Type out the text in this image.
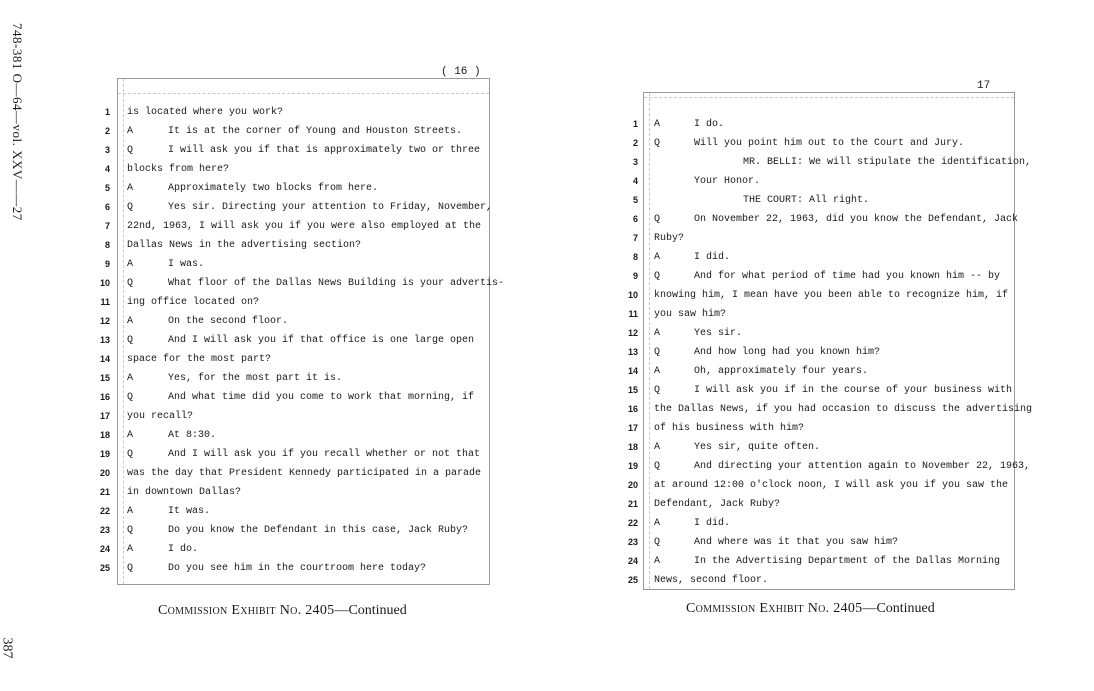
748-381 O—64—vol. XXV——27
387
( 16 )
1 is located where you work?
2 A	It is at the corner of Young and Houston Streets.
3 Q	I will ask you if that is approximately two or three
4 blocks from here?
5 A	Approximately two blocks from here.
6 Q	Yes sir. Directing your attention to Friday, November,
7 22nd, 1963, I will ask you if you were also employed at the
8 Dallas News in the advertising section?
9 A	I was.
10 Q	What floor of the Dallas News Building is your advertis-
11 ing office located on?
12 A	On the second floor.
13 Q	And I will ask you if that office is one large open
14 space for the most part?
15 A	Yes, for the most part it is.
16 Q	And what time did you come to work that morning, if
17 you recall?
18 A	At 8:30.
19 Q	And I will ask you if you recall whether or not that
20 was the day that President Kennedy participated in a parade
21 in downtown Dallas?
22 A	It was.
23 Q	Do you know the Defendant in this case, Jack Ruby?
24 A	I do.
25 Q	Do you see him in the courtroom here today?
Commission Exhibit No. 2405—Continued
17
1 A	I do.
2 Q	Will you point him out to the Court and Jury.
3	MR. BELLI: We will stipulate the identification,
4	Your Honor.
5	THE COURT: All right.
6 Q	On November 22, 1963, did you know the Defendant, Jack
7 Ruby?
8 A	I did.
9 Q	And for what period of time had you known him -- by
10 knowing him, I mean have you been able to recognize him, if
11 you saw him?
12 A	Yes sir.
13 Q	And how long had you known him?
14 A	Oh, approximately four years.
15 Q	I will ask you if in the course of your business with
16 the Dallas News, if you had occasion to discuss the advertising
17 of his business with him?
18 A	Yes sir, quite often.
19 Q	And directing your attention again to November 22, 1963,
20 at around 12:00 o'clock noon, I will ask you if you saw the
21 Defendant, Jack Ruby?
22 A	I did.
23 Q	And where was it that you saw him?
24 A	In the Advertising Department of the Dallas Morning
25 News, second floor.
Commission Exhibit No. 2405—Continued
